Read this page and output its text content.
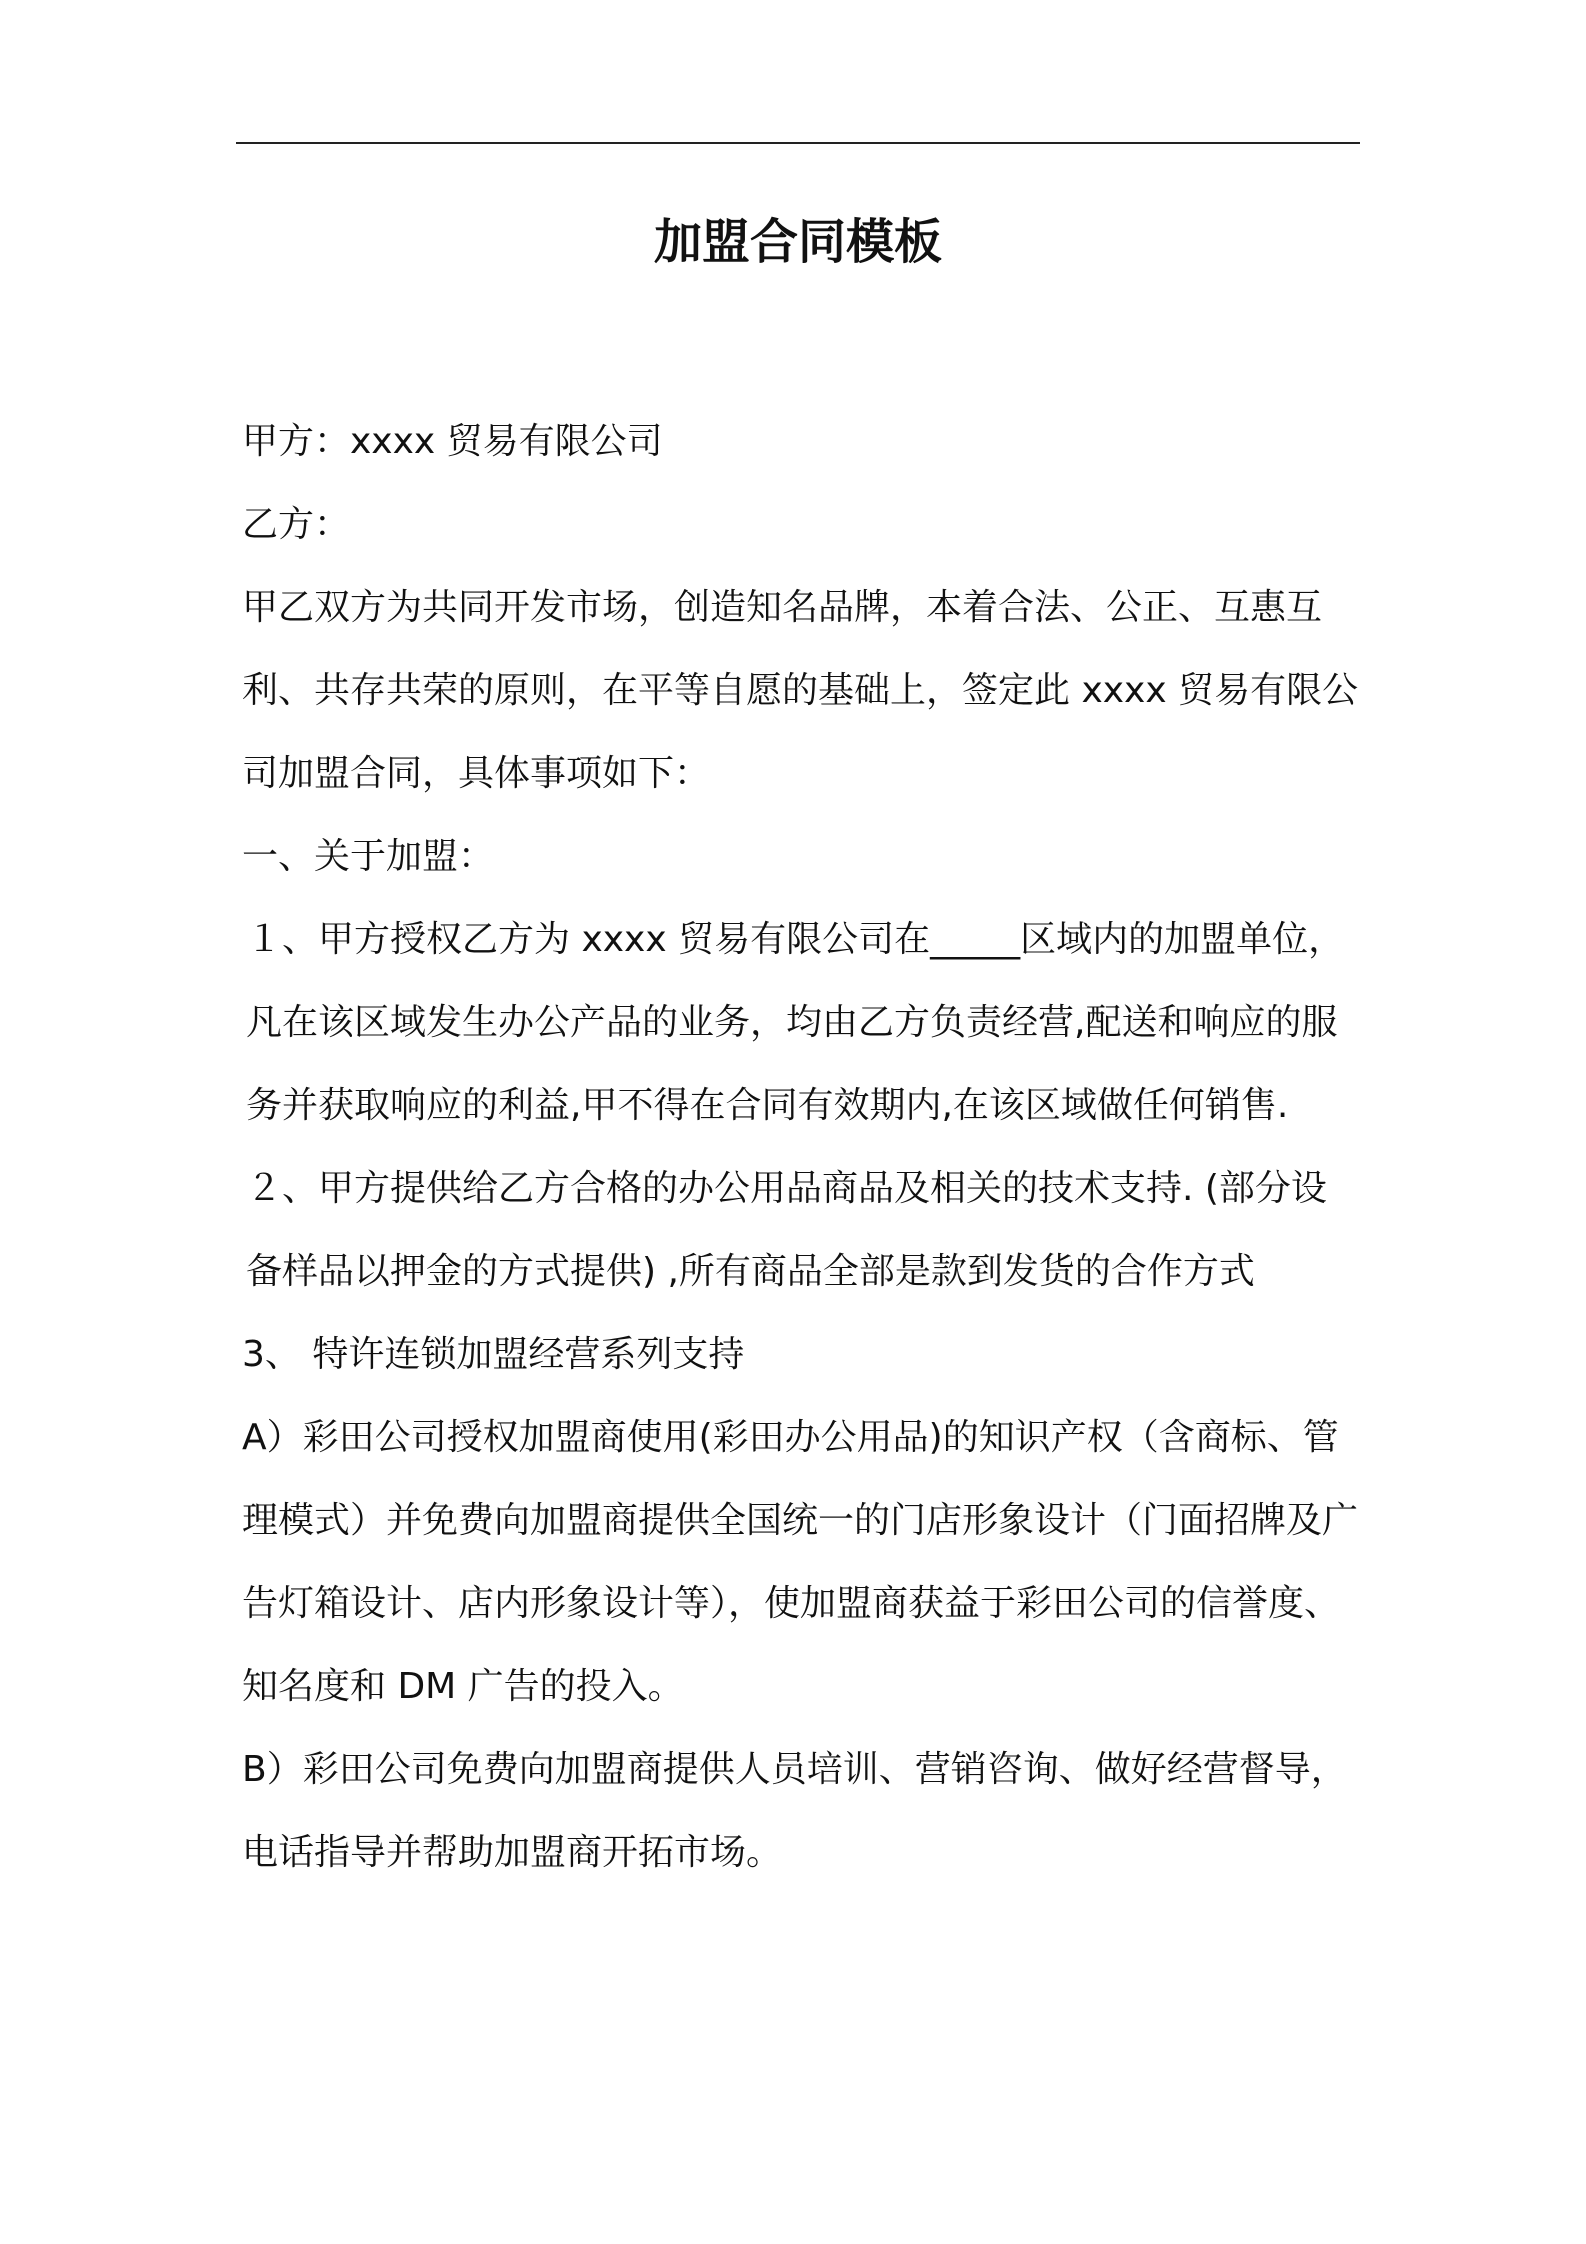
加盟合同模板

甲方：xxxx 贸易有限公司

乙方：

甲乙双方为共同开发市场，创造知名品牌，本着合法、公正、互惠互利、共存共荣的原则，在平等自愿的基础上，签定此 xxxx 贸易有限公司加盟合同，具体事项如下：

一、关于加盟：

１、甲方授权乙方为 xxxx 贸易有限公司在_____区域内的加盟单位，凡在该区域发生办公产品的业务，均由乙方负责经营,配送和响应的服务并获取响应的利益,甲不得在合同有效期内,在该区域做任何销售.

２、甲方提供给乙方合格的办公用品商品及相关的技术支持. (部分设备样品以押金的方式提供) ,所有商品全部是款到发货的合作方式

3、 特许连锁加盟经营系列支持

A）彩田公司授权加盟商使用(彩田办公用品)的知识产权（含商标、管理模式）并免费向加盟商提供全国统一的门店形象设计（门面招牌及广告灯箱设计、店内形象设计等），使加盟商获益于彩田公司的信誉度、知名度和 DM 广告的投入。

B）彩田公司免费向加盟商提供人员培训、营销咨询、做好经营督导，电话指导并帮助加盟商开拓市场。
